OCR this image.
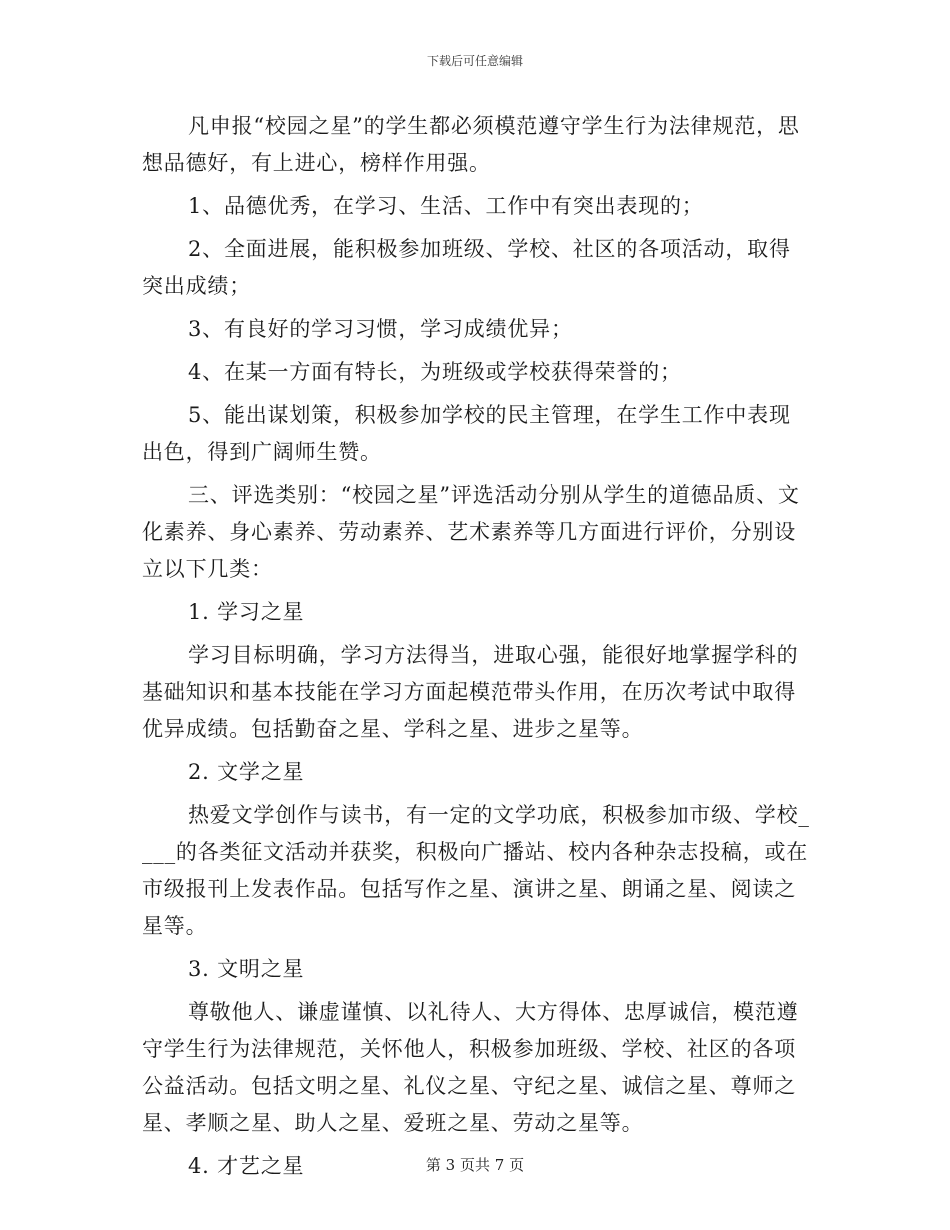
下载后可任意编辑

凡申报“校园之星”的学生都必须模范遵守学生行为法律规范，思想品德好，有上进心，榜样作用强。

1、品德优秀，在学习、生活、工作中有突出表现的；

2、全面进展，能积极参加班级、学校、社区的各项活动，取得突出成绩；

3、有良好的学习习惯，学习成绩优异；

4、在某一方面有特长，为班级或学校获得荣誉的；

5、能出谋划策，积极参加学校的民主管理，在学生工作中表现出色，得到广阔师生赞。

三、评选类别：“校园之星”评选活动分别从学生的道德品质、文化素养、身心素养、劳动素养、艺术素养等几方面进行评价，分别设立以下几类：

1. 学习之星

学习目标明确，学习方法得当，进取心强，能很好地掌握学科的基础知识和基本技能在学习方面起模范带头作用，在历次考试中取得优异成绩。包括勤奋之星、学科之星、进步之星等。

2. 文学之星

热爱文学创作与读书，有一定的文学功底，积极参加市级、学校____的各类征文活动并获奖，积极向广播站、校内各种杂志投稿，或在市级报刊上发表作品。包括写作之星、演讲之星、朗诵之星、阅读之星等。

3. 文明之星

尊敬他人、谦虚谨慎、以礼待人、大方得体、忠厚诚信，模范遵守学生行为法律规范，关怀他人，积极参加班级、学校、社区的各项公益活动。包括文明之星、礼仪之星、守纪之星、诚信之星、尊师之星、孝顺之星、助人之星、爱班之星、劳动之星等。

4. 才艺之星	第 3 页共 7 页
